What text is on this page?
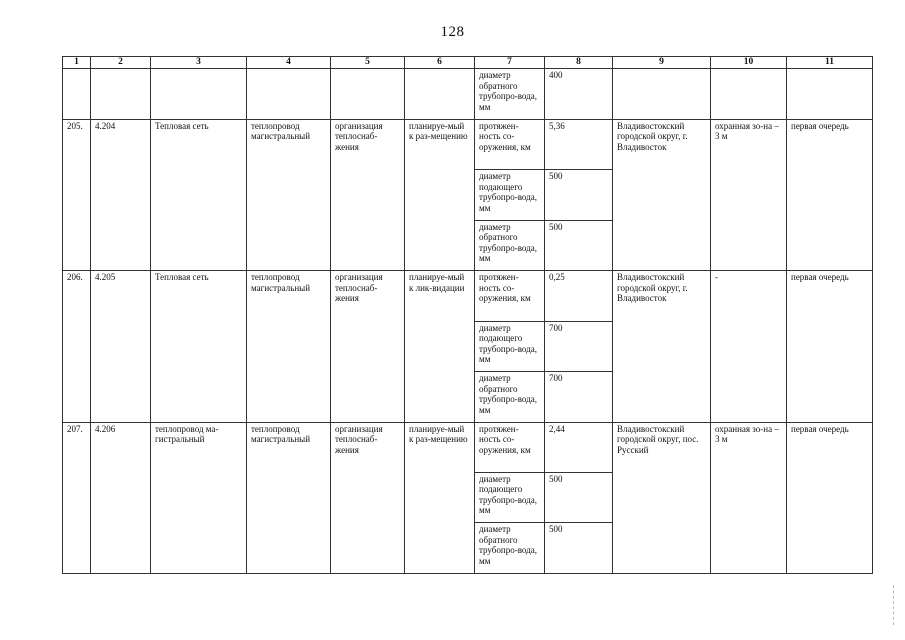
128
1	2	3	4	5	6	7	8	9	10	11
						диаметр обратного трубопро-вода, мм	400			
205.	4.204	Тепловая сеть	теплопровод магистральный	организация теплоснаб-жения	планируе-мый к раз-мещению	протяжен-ность со-оружения, км	5,36	Владивостокский городской округ, г. Владивосток	охранная зо-на – 3 м	первая очередь
						диаметр подающего трубопро-вода, мм	500			
						диаметр обратного трубопро-вода, мм	500			
206.	4.205	Тепловая сеть	теплопровод магистральный	организация теплоснаб-жения	планируе-мый к лик-видации	протяжен-ность со-оружения, км	0,25	Владивостокский городской округ, г. Владивосток	-	первая очередь
						диаметр подающего трубопро-вода, мм	700			
						диаметр обратного трубопро-вода, мм	700			
207.	4.206	теплопровод ма-гистральный	теплопровод магистральный	организация теплоснаб-жения	планируе-мый к раз-мещению	протяжен-ность со-оружения, км	2,44	Владивостокский городской округ, пос. Русский	охранная зо-на – 3 м	первая очередь
						диаметр подающего трубопро-вода, мм	500			
						диаметр обратного трубопро-вода, мм	500			
